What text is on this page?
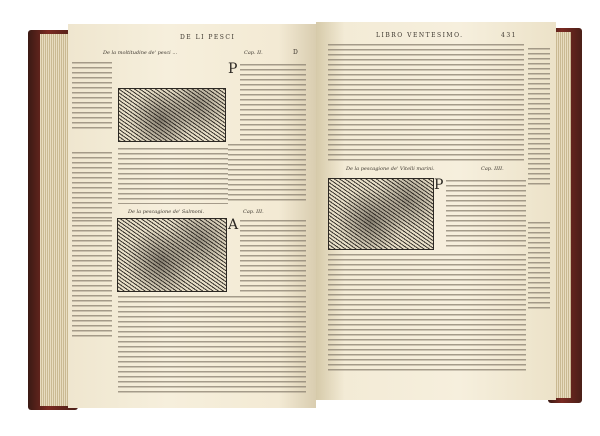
DE LI PESCI
De la moltitudine de' pesci ...	Cap. II.	D
P
De la pescagione de' Salmoni.	Cap. III.
A
LIBRO VENTESIMO.	431
De la pescagione de' Vitelli marini.	Cap. IIII.
P
